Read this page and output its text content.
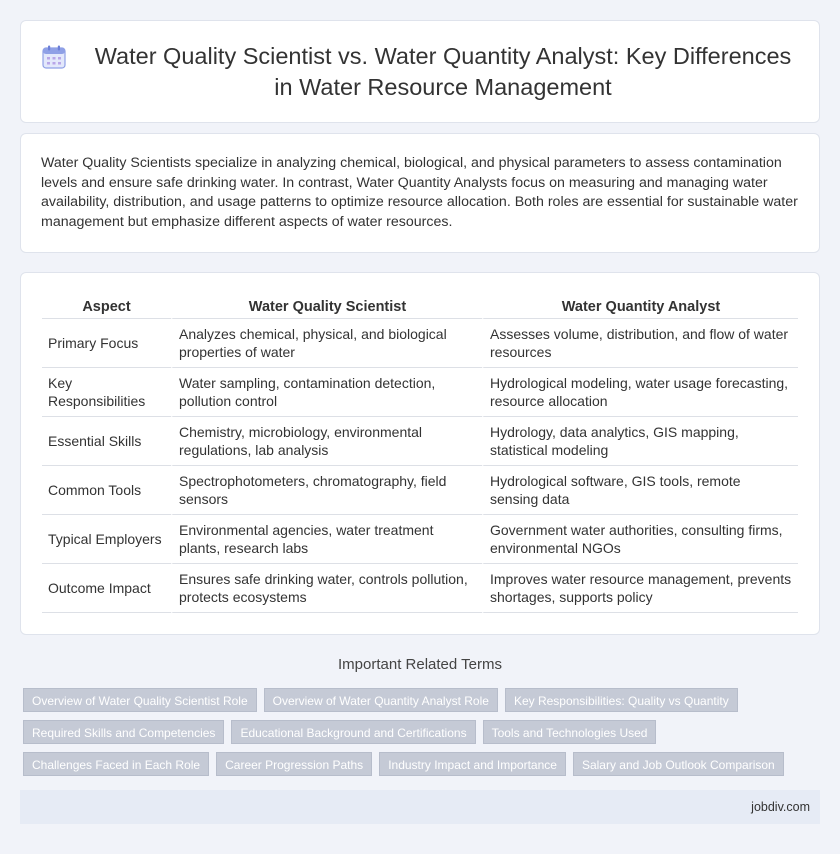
Water Quality Scientist vs. Water Quantity Analyst: Key Differences in Water Resource Management

Water Quality Scientists specialize in analyzing chemical, biological, and physical parameters to assess contamination levels and ensure safe drinking water. In contrast, Water Quantity Analysts focus on measuring and managing water availability, distribution, and usage patterns to optimize resource allocation. Both roles are essential for sustainable water management but emphasize different aspects of water resources.

Aspect	Water Quality Scientist	Water Quantity Analyst
Primary Focus	Analyzes chemical, physical, and biological properties of water	Assesses volume, distribution, and flow of water resources
Key Responsibilities	Water sampling, contamination detection, pollution control	Hydrological modeling, water usage forecasting, resource allocation
Essential Skills	Chemistry, microbiology, environmental regulations, lab analysis	Hydrology, data analytics, GIS mapping, statistical modeling
Common Tools	Spectrophotometers, chromatography, field sensors	Hydrological software, GIS tools, remote sensing data
Typical Employers	Environmental agencies, water treatment plants, research labs	Government water authorities, consulting firms, environmental NGOs
Outcome Impact	Ensures safe drinking water, controls pollution, protects ecosystems	Improves water resource management, prevents shortages, supports policy
Important Related Terms
Overview of Water Quality Scientist Role	Overview of Water Quantity Analyst Role	Key Responsibilities: Quality vs Quantity
Required Skills and Competencies	Educational Background and Certifications	Tools and Technologies Used
Challenges Faced in Each Role	Career Progression Paths	Industry Impact and Importance	Salary and Job Outlook Comparison
jobdiv.com
